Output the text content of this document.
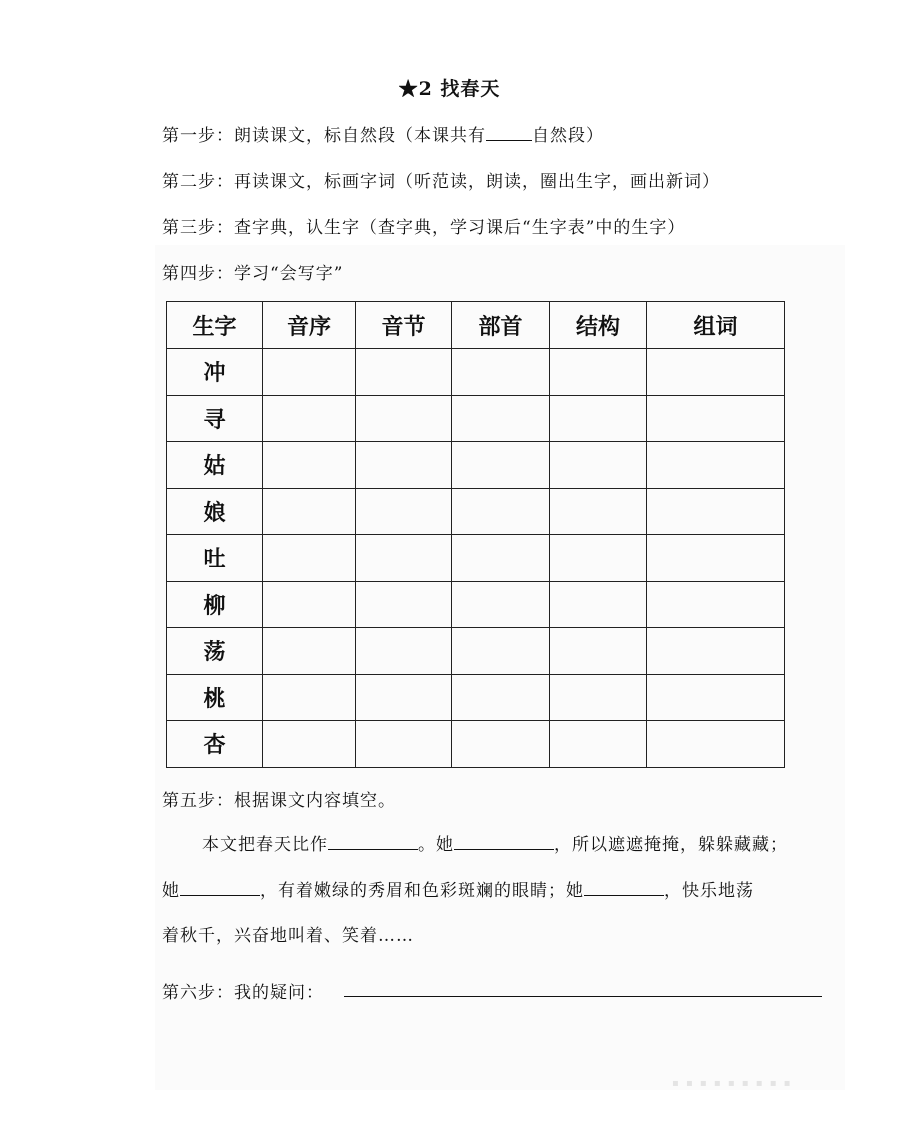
★2 找春天
第一步：朗读课文，标自然段（本课共有	自然段）
第二步：再读课文，标画字词（听范读，朗读，圈出生字，画出新词）
第三步：查字典，认生字（查字典，学习课后“生字表”中的生字）
第四步：学习“会写字”
生字	音序	音节	部首	结构	组词
冲					
寻					
姑					
娘					
吐					
柳					
荡					
桃					
杏					
第五步：根据课文内容填空。
本文把春天比作	。她	，所以遮遮掩掩，躲躲藏藏；
她	，有着嫩绿的秀眉和色彩斑斓的眼睛；她	，快乐地荡
着秋千，兴奋地叫着、笑着……
第六步：我的疑问：
▪ ▪ ▪ ▪ ▪ ▪ ▪ ▪ ▪
